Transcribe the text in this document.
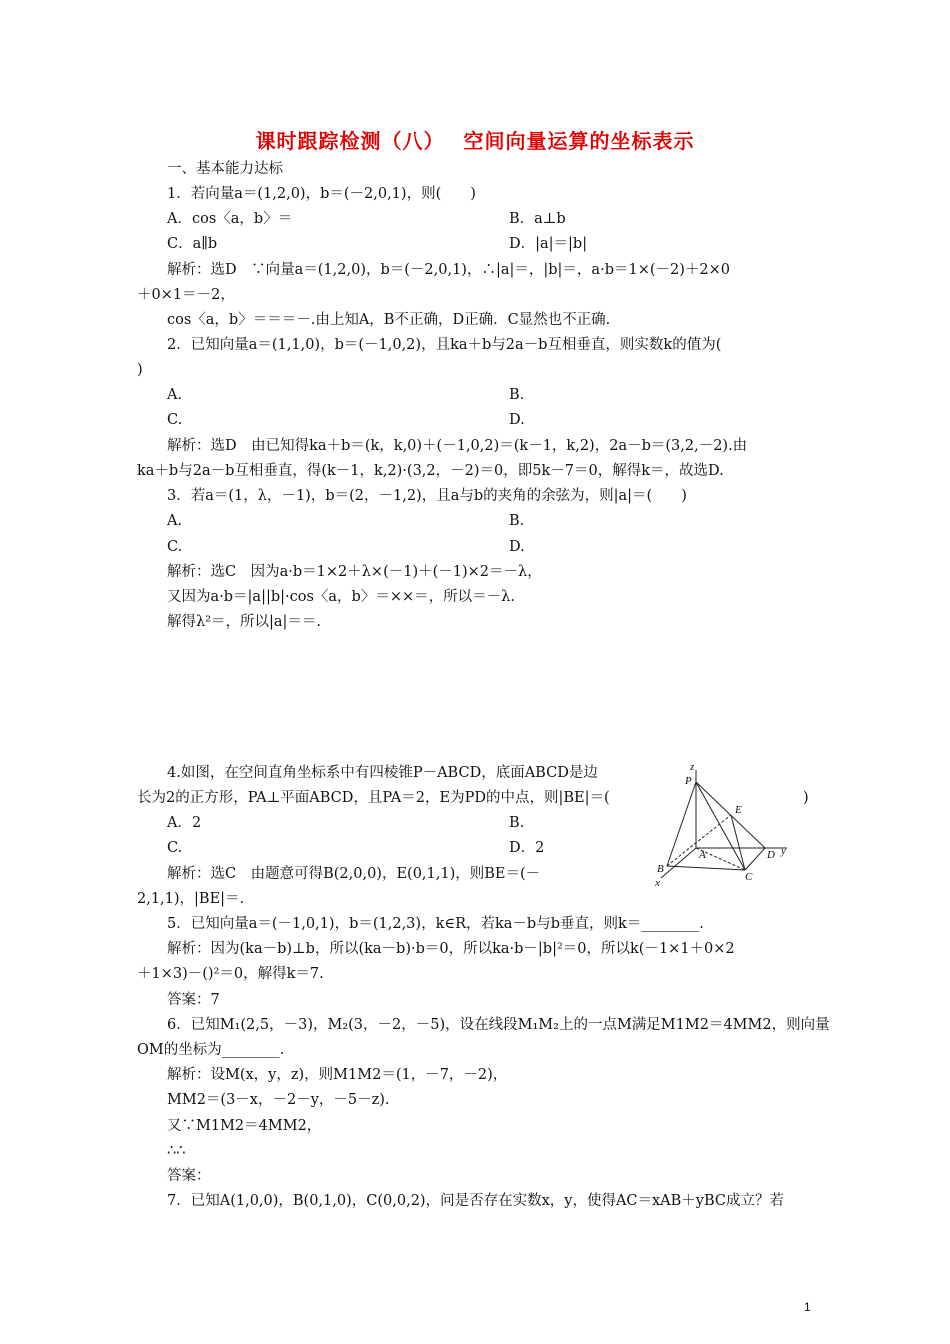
课时跟踪检测（八）　 空间向量运算的坐标表示
一、基本能力达标
1．若向量a＝(1,2,0)，b＝(－2,0,1)，则(　　)
A．cos〈a，b〉＝	B．a⊥b
C．a∥b	D．|a|＝|b|
解析：选D　∵向量a＝(1,2,0)，b＝(－2,0,1)，∴|a|＝，|b|＝，a·b＝1×(－2)＋2×0
＋0×1＝－2，
cos〈a，b〉＝＝＝－.由上知A，B不正确，D正确．C显然也不正确.
2．已知向量a＝(1,1,0)，b＝(－1,0,2)，且ka＋b与2a－b互相垂直，则实数k的值为(
)
A.	B.
C.	D.
解析：选D　由已知得ka＋b＝(k，k,0)＋(－1,0,2)＝(k－1，k,2)，2a－b＝(3,2,－2).由
ka＋b与2a－b互相垂直，得(k－1，k,2)·(3,2，－2)＝0，即5k－7＝0，解得k＝，故选D.
3．若a＝(1，λ，－1)，b＝(2，－1,2)，且a与b的夹角的余弦为，则|a|＝(　　)
A.	B.
C.	D.
解析：选C　因为a·b＝1×2＋λ×(－1)＋(－1)×2＝－λ，
又因为a·b＝|a||b|·cos〈a，b〉＝××＝，所以＝－λ.
解得λ²＝，所以|a|＝＝.
4.如图，在空间直角坐标系中有四棱锥P－ABCD，底面ABCD是边
长为2的正方形，PA⊥平面ABCD，且PA＝2，E为PD的中点，则|BE|＝(	)
A．2	B.
C.	D．2
解析：选C　由题意可得B(2,0,0)，E(0,1,1)，则BE＝(－
2,1,1)，|BE|＝.
z
P
E
A	D y
B
C
x
5．已知向量a＝(－1,0,1)，b＝(1,2,3)，k∈R，若ka－b与b垂直，则k＝________.
解析：因为(ka－b)⊥b，所以(ka－b)·b＝0，所以ka·b－|b|²＝0，所以k(－1×1＋0×2
＋1×3)－()²＝0，解得k＝7.
答案：7
6．已知M₁(2,5，－3)，M₂(3，－2，－5)，设在线段M₁M₂上的一点M满足M1M2＝4MM2，则向量
OM的坐标为________.
解析：设M(x，y，z)，则M1M2＝(1，－7，－2)，
MM2＝(3－x，－2－y，－5－z).
又∵M1M2＝4MM2，
∴∴
答案：
7．已知A(1,0,0)，B(0,1,0)，C(0,0,2)，问是否存在实数x，y，使得AC＝xAB＋yBC成立？若
1
